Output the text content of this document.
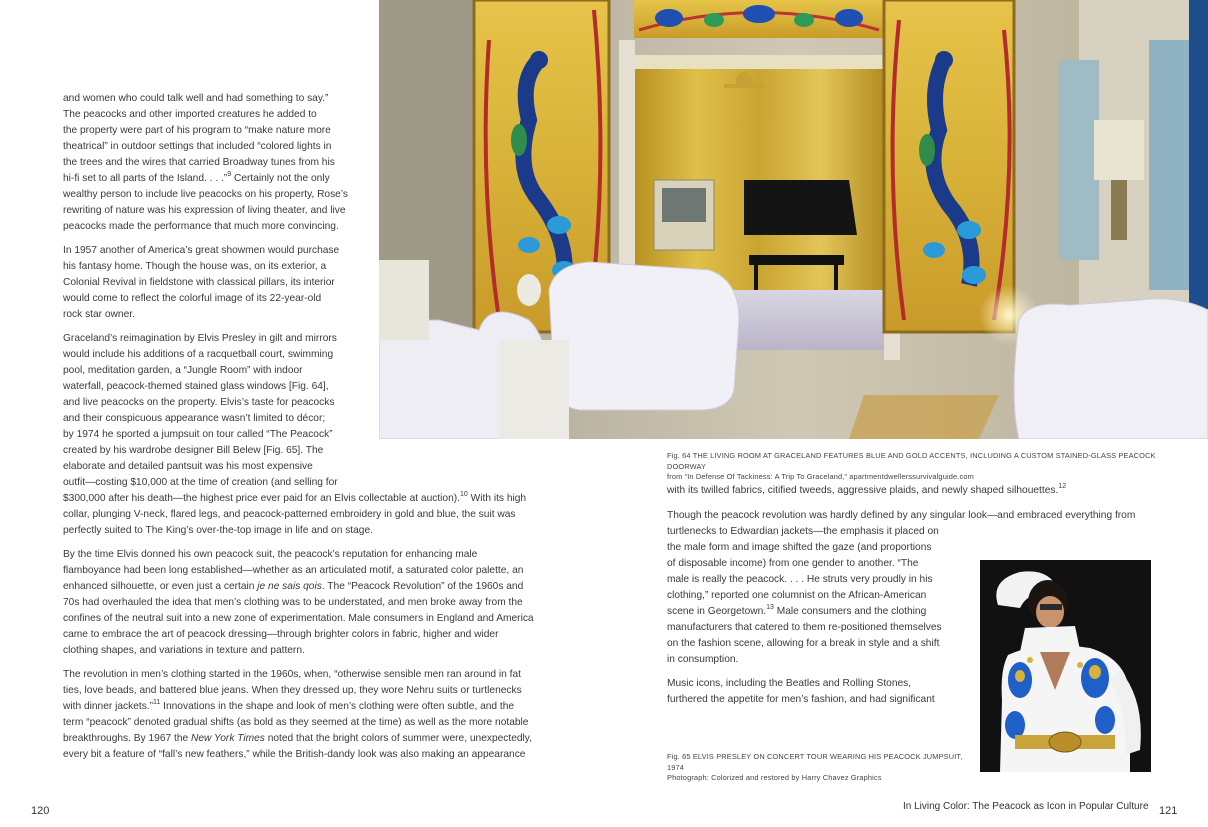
and women who could talk well and had something to say.”

The peacocks and other imported creatures he added to

the property were part of his program to “make nature more

theatrical” in outdoor settings that included “colored lights in

the trees and the wires that carried Broadway tunes from his

hi-fi set to all parts of the Island. . . .”$^9$ Certainly not the only

wealthy person to include live peacocks on his property, Rose’s

rewriting of nature was his expression of living theater, and live

peacocks made the performance that much more convincing.

In 1957 another of America’s great showmen would purchase

his fantasy home. Though the house was, on its exterior, a

Colonial Revival in fieldstone with classical pillars, its interior

would come to reflect the colorful image of its 22-year-old

rock star owner.

Graceland’s reimagination by Elvis Presley in gilt and mirrors

would include his additions of a racquetball court, swimming

pool, meditation garden, a “Jungle Room” with indoor

waterfall, peacock-themed stained glass windows [Fig. 64],

and live peacocks on the property. Elvis’s taste for peacocks

and their conspicuous appearance wasn’t limited to décor;

by 1974 he sported a jumpsuit on tour called “The Peacock”

created by his wardrobe designer Bill Belew [Fig. 65]. The

elaborate and detailed pantsuit was his most expensive

outfit—costing $10,000 at the time of creation (and selling for

$300,000 after his death—the highest price ever paid for an Elvis collectable at auction).$^{10}$ With its high

collar, plunging V-neck, flared legs, and peacock-patterned embroidery in gold and blue, the suit was

perfectly suited to The King’s over-the-top image in life and on stage.

By the time Elvis donned his own peacock suit, the peacock’s reputation for enhancing male

flamboyance had been long established—whether as an articulated motif, a saturated color palette, an

enhanced silhouette, or even just a certain je ne sais qois. The “Peacock Revolution” of the 1960s and

70s had overhauled the idea that men’s clothing was to be understated, and men broke away from the

confines of the neutral suit into a new zone of experimentation. Male consumers in England and America

came to embrace the art of peacock dressing—through brighter colors in fabric, higher and wider

clothing shapes, and variations in texture and pattern.

The revolution in men’s clothing started in the 1960s, when, “otherwise sensible men ran around in fat

ties, love beads, and battered blue jeans. When they dressed up, they wore Nehru suits or turtlenecks

with dinner jackets.”$^{11}$ Innovations in the shape and look of men’s clothing were often subtle, and the

term “peacock” denoted gradual shifts (as bold as they seemed at the time) as well as the more notable

breakthroughs. By 1967 the New York Times noted that the bright colors of summer were, unexpectedly,

every bit a feature of “fall’s new feathers,” while the British-dandy look was also making an appearance

120
Fig. 64 THE LIVING ROOM AT GRACELAND FEATURES BLUE AND GOLD ACCENTS, INCLUDING A CUSTOM STAINED-GLASS PEACOCK DOORWAY
from “In Defense Of Tackiness: A Trip To Graceland,” apartmentdwellerssurvivalguide.com

with its twilled fabrics, citified tweeds, aggressive plaids, and newly shaped silhouettes.$^{12}$

Though the peacock revolution was hardly defined by any singular look—and embraced everything from

turtlenecks to Edwardian jackets—the emphasis it placed on

the male form and image shifted the gaze (and proportions

of disposable income) from one gender to another. “The

male is really the peacock. . . . He struts very proudly in his

clothing,” reported one columnist on the African-American

scene in Georgetown.$^{13}$ Male consumers and the clothing

manufacturers that catered to them re-positioned themselves

on the fashion scene, allowing for a break in style and a shift

in consumption.

Music icons, including the Beatles and Rolling Stones,

furthered the appetite for men’s fashion, and had significant

Fig. 65 ELVIS PRESLEY ON CONCERT TOUR WEARING HIS PEACOCK JUMPSUIT, 1974
Photograph: Colorized and restored by Harry Chavez Graphics
In Living Color: The Peacock as Icon in Popular Culture 121
